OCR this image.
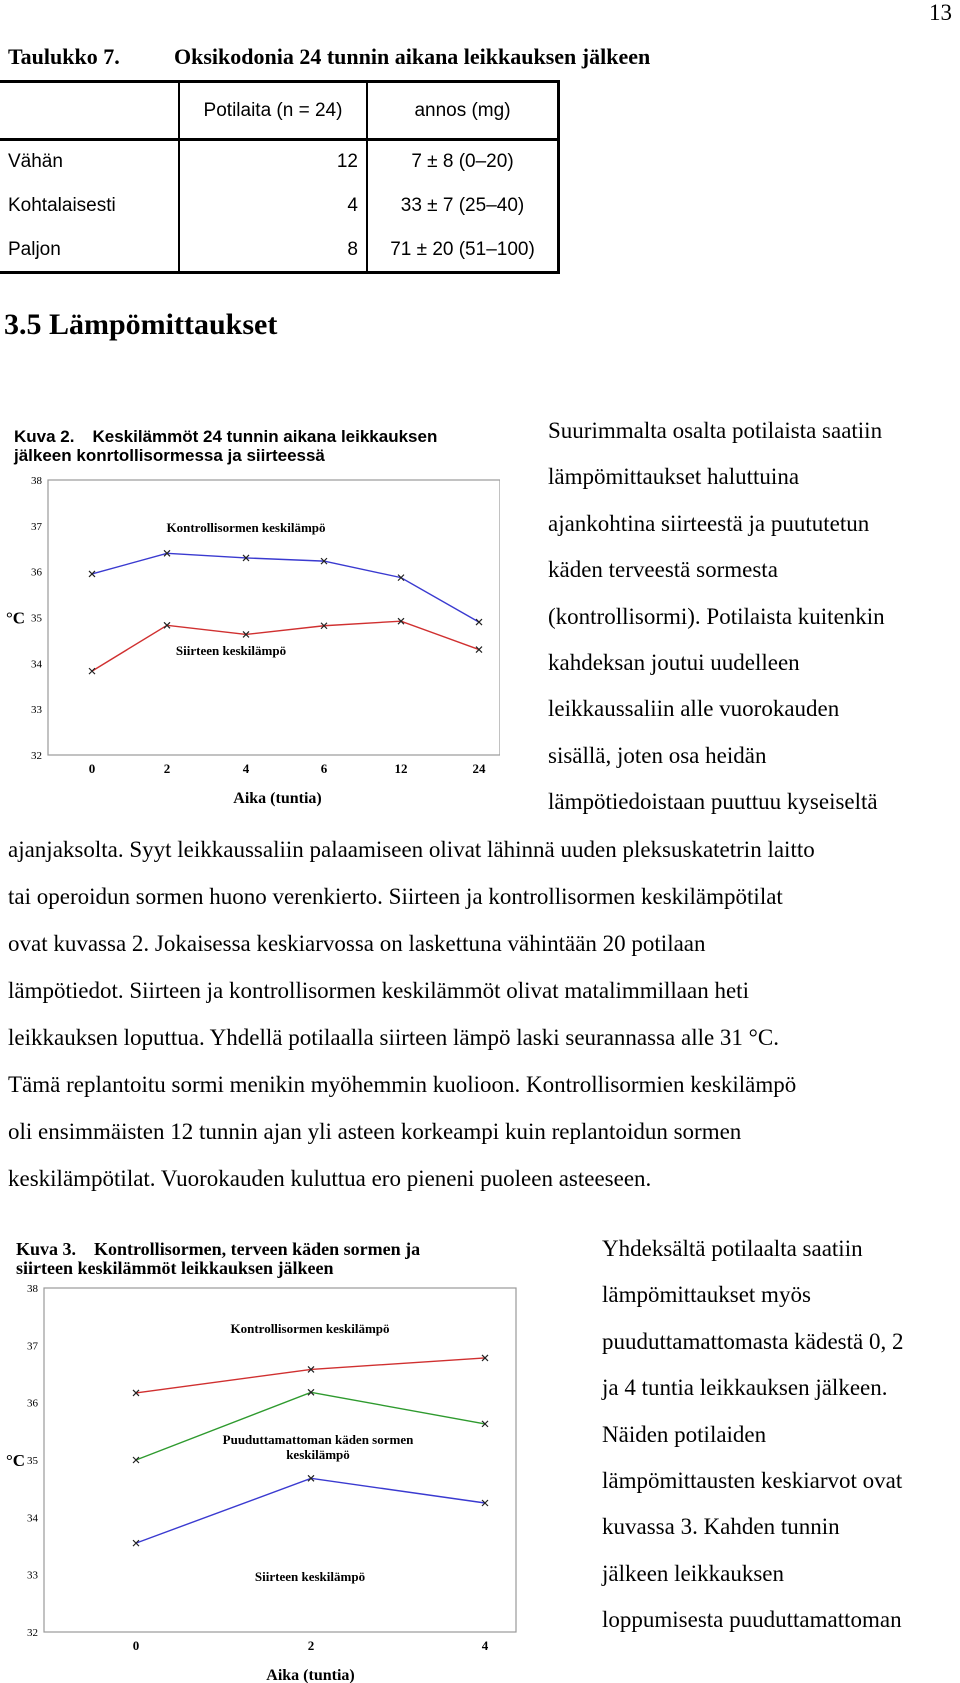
13
Taulukko 7. Oksikodonia 24 tunnin aikana leikkauksen jälkeen
	Potilaita (n = 24)	annos (mg)
Vähän	12	7 ± 8 (0–20)
Kohtalaisesti	4	33 ± 7 (25–40)
Paljon	8	71 ± 20 (51–100)
3.5 Lämpömittaukset
Kuva 2. Keskilämmöt 24 tunnin aikana leikkauksen
jälkeen konrtollisormessa ja siirteessä
32
33
34
35
36
37
38
0	2	4	6	12	24
°C
Aika (tuntia)
Kontrollisormen keskilämpö
Siirteen keskilämpö
Suurimmalta osalta potilaista saatiin
lämpömittaukset haluttuina
ajankohtina siirteestä ja puututetun
käden terveestä sormesta
(kontrollisormi). Potilaista kuitenkin
kahdeksan joutui uudelleen
leikkaussaliin alle vuorokauden
sisällä, joten osa heidän
lämpötiedoistaan puuttuu kyseiseltä
ajanjaksolta. Syyt leikkaussaliin palaamiseen olivat lähinnä uuden pleksuskatetrin laitto
tai operoidun sormen huono verenkierto. Siirteen ja kontrollisormen keskilämpötilat
ovat kuvassa 2. Jokaisessa keskiarvossa on laskettuna vähintään 20 potilaan
lämpötiedot. Siirteen ja kontrollisormen keskilämmöt olivat matalimmillaan heti
leikkauksen loputtua. Yhdellä potilaalla siirteen lämpö laski seurannassa alle 31 °C.
Tämä replantoitu sormi menikin myöhemmin kuolioon. Kontrollisormien keskilämpö
oli ensimmäisten 12 tunnin ajan yli asteen korkeampi kuin replantoidun sormen
keskilämpötilat. Vuorokauden kuluttua ero pieneni puoleen asteeseen.
Kuva 3. Kontrollisormen, terveen käden sormen ja
siirteen keskilämmöt leikkauksen jälkeen
32
33
34
35
36
37
38
0	2	4
°C
Aika (tuntia)
Kontrollisormen keskilämpö
Puuduttamattoman käden sormen
keskilämpö
Siirteen keskilämpö
Yhdeksältä potilaalta saatiin
lämpömittaukset myös
puuduttamattomasta kädestä 0, 2
ja 4 tuntia leikkauksen jälkeen.
Näiden potilaiden
lämpömittausten keskiarvot ovat
kuvassa 3. Kahden tunnin
jälkeen leikkauksen
loppumisesta puuduttamattoman
